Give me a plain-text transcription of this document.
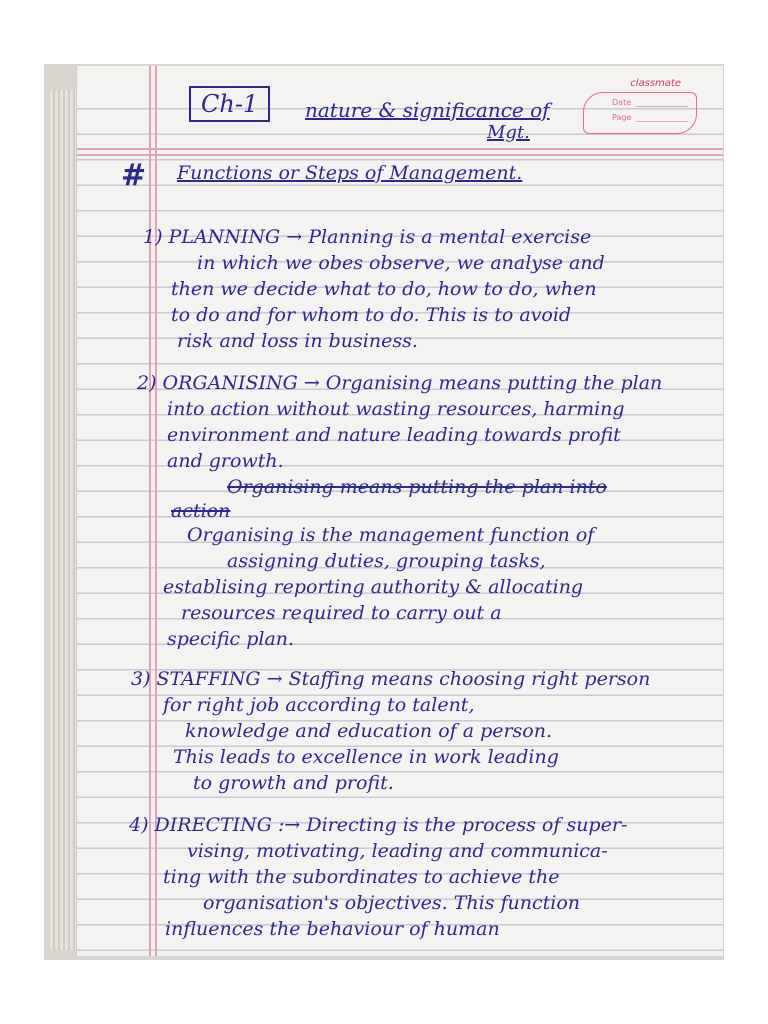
classmate
Date
Page
Ch-1	nature & significance of
Mgt.
# Functions or Steps of Management.
1) PLANNING → Planning is a mental exercise
in which we obes observe, we analyse and
then we decide what to do, how to do, when
to do and for whom to do. This is to avoid
risk and loss in business.
2) ORGANISING → Organising means putting the plan
into action without wasting resources, harming
environment and nature leading towards profit
and growth.
Organising means putting the plan into
action
Organising is the management function of
assigning duties, grouping tasks,
establising reporting authority & allocating
resources required to carry out a
specific plan.
3) STAFFING → Staffing means choosing right person
for right job according to talent,
knowledge and education of a person.
This leads to excellence in work leading
to growth and profit.
4) DIRECTING :→ Directing is the process of super-
vising, motivating, leading and communica-
ting with the subordinates to achieve the
organisation's objectives. This function
influences the behaviour of human
